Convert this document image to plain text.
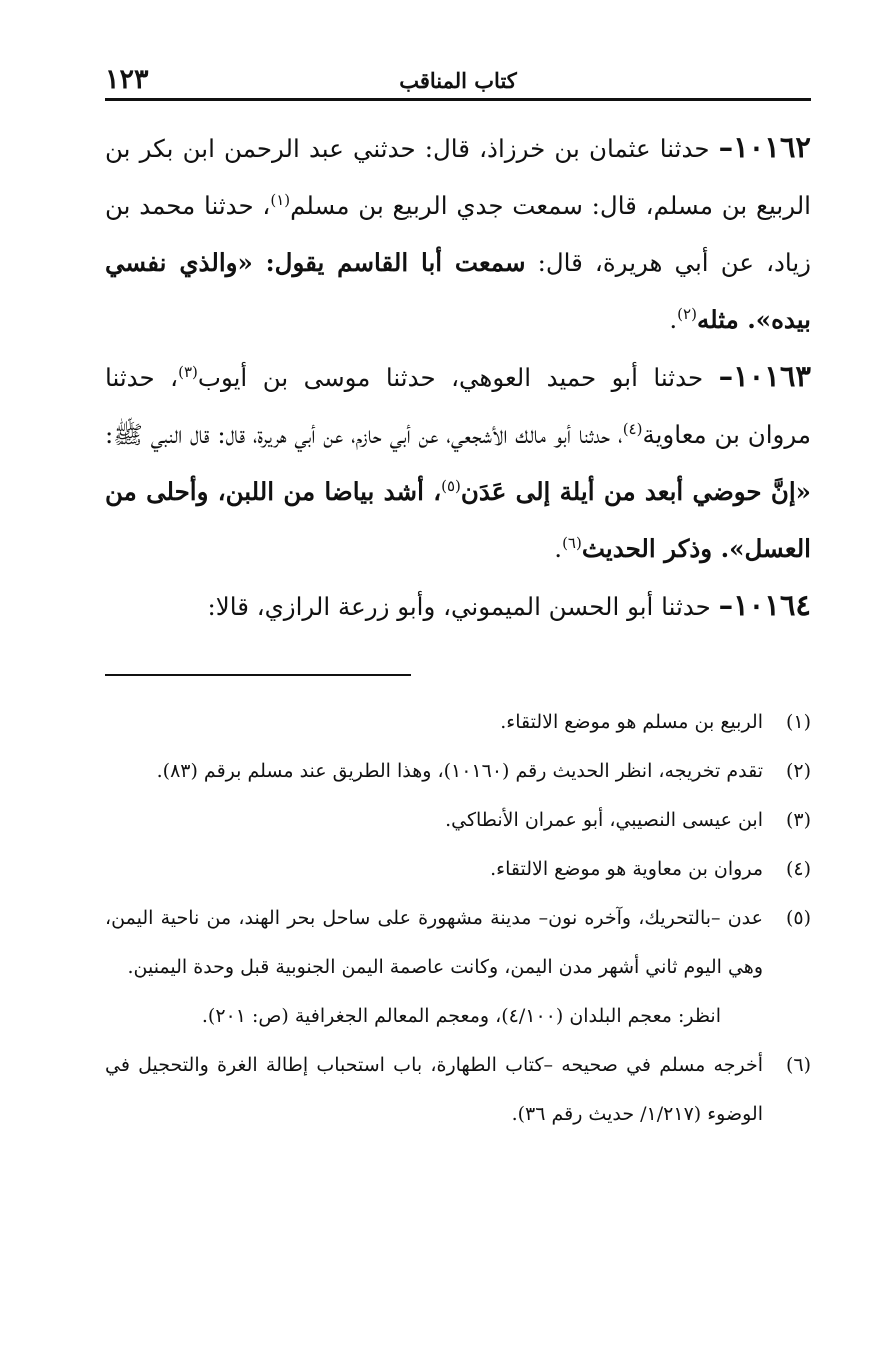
كتاب المناقب
١٢٣

١٠١٦٢– حدثنا عثمان بن خرزاذ، قال: حدثني عبد الرحمن ابن بكر بن الربيع بن مسلم، قال: سمعت جدي الربيع بن مسلم$^{(١)}$، حدثنا محمد بن زياد، عن أبي هريرة، قال: سمعت أبا القاسم يقول: «والذي نفسي بيده». مثله$^{(٢)}$.

١٠١٦٣– حدثنا أبو حميد العوهي، حدثنا موسى بن أيوب$^{(٣)}$، حدثنا مروان بن معاوية$^{(٤)}$، حدثنا أبو مالك الأشجعي، عن أبي حازم، عن أبي هريرة، قال: قال النبي ﷺ: «إنَّ حوضي أبعد من أيلة إلى عَدَن$^{(٥)}$، أشد بياضا من اللبن، وأحلى من العسل». وذكر الحديث$^{(٦)}$.

١٠١٦٤– حدثنا أبو الحسن الميموني، وأبو زرعة الرازي، قالا:

(١)
الربيع بن مسلم هو موضع الالتقاء.
(٢)
تقدم تخريجه، انظر الحديث رقم (١٠١٦٠)، وهذا الطريق عند مسلم برقم (٨٣).
(٣)
ابن عيسى النصيبي، أبو عمران الأنطاكي.
(٤)
مروان بن معاوية هو موضع الالتقاء.
(٥)
عدن –بالتحريك، وآخره نون– مدينة مشهورة على ساحل بحر الهند، من ناحية اليمن، وهي اليوم ثاني أشهر مدن اليمن، وكانت عاصمة اليمن الجنوبية قبل وحدة اليمنين.
انظر: معجم البلدان (٤/١٠٠)، ومعجم المعالم الجغرافية (ص: ٢٠١).
(٦)
أخرجه مسلم في صحيحه –كتاب الطهارة، باب استحباب إطالة الغرة والتحجيل في الوضوء (١/٢١٧/ حديث رقم ٣٦).
